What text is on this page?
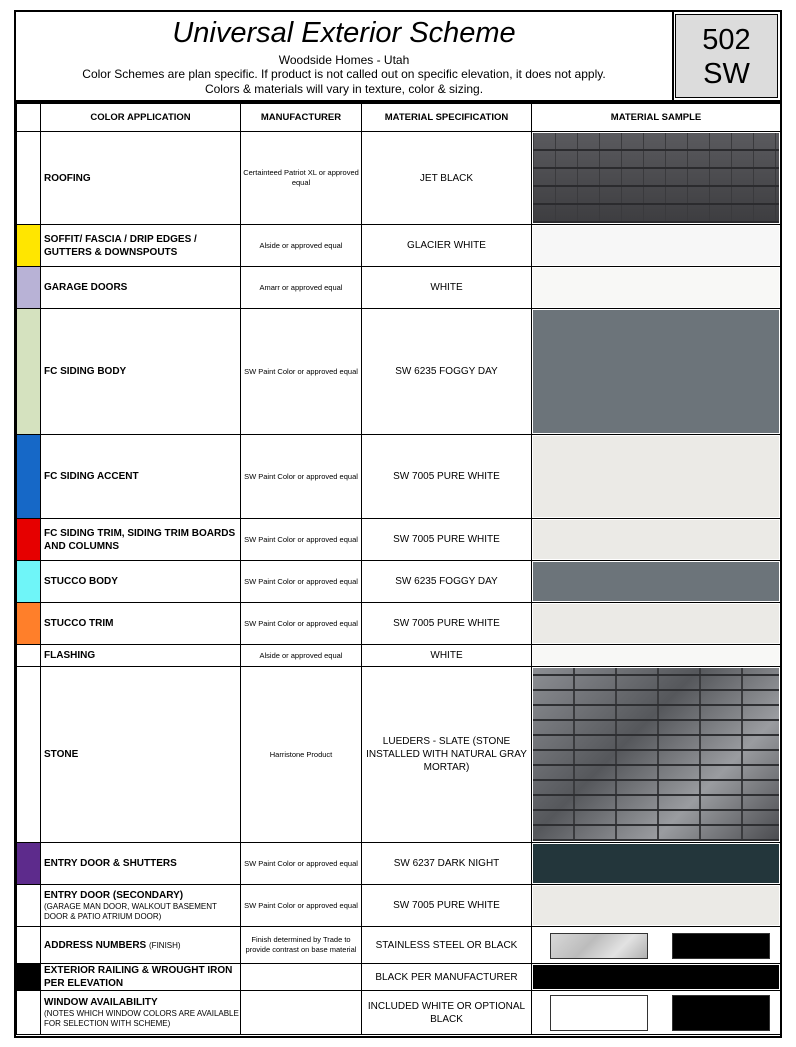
Universal Exterior Scheme
Woodside Homes - Utah
Color Schemes are plan specific. If product is not called out on specific elevation, it does not apply.
Colors & materials will vary in texture, color & sizing.
502
SW
	COLOR APPLICATION	MANUFACTURER	MATERIAL SPECIFICATION	MATERIAL SAMPLE
	ROOFING	Certainteed Patriot XL or approved equal	JET BLACK	

	SOFFIT/ FASCIA / DRIP EDGES / GUTTERS & DOWNSPOUTS	Alside or approved equal	GLACIER WHITE	

	GARAGE DOORS	Amarr or approved equal	WHITE	

	FC SIDING BODY	SW Paint Color or approved equal	SW 6235 FOGGY DAY	

	FC SIDING ACCENT	SW Paint Color or approved equal	SW 7005 PURE WHITE	

	FC SIDING TRIM, SIDING TRIM BOARDS AND COLUMNS	SW Paint Color or approved equal	SW 7005 PURE WHITE	

	STUCCO BODY	SW Paint Color or approved equal	SW 6235 FOGGY DAY	

	STUCCO TRIM	SW Paint Color or approved equal	SW 7005 PURE WHITE	

	FLASHING	Alside or approved equal	WHITE	

	STONE	Harristone Product	LUEDERS - SLATE (STONE INSTALLED WITH NATURAL GRAY MORTAR)	

	ENTRY DOOR & SHUTTERS	SW Paint Color or approved equal	SW 6237 DARK NIGHT	

	ENTRY DOOR (SECONDARY)
(GARAGE MAN DOOR, WALKOUT BASEMENT DOOR & PATIO ATRIUM DOOR)	SW Paint Color or approved equal	SW 7005 PURE WHITE	

	ADDRESS NUMBERS (FINISH)	Finish determined by Trade to provide contrast on base material	STAINLESS STEEL OR BLACK	

	EXTERIOR RAILING & WROUGHT IRON PER ELEVATION		BLACK PER MANUFACTURER	

	WINDOW AVAILABILITY
(NOTES WHICH WINDOW COLORS ARE AVAILABLE FOR SELECTION WITH SCHEME)		INCLUDED WHITE OR OPTIONAL BLACK	
